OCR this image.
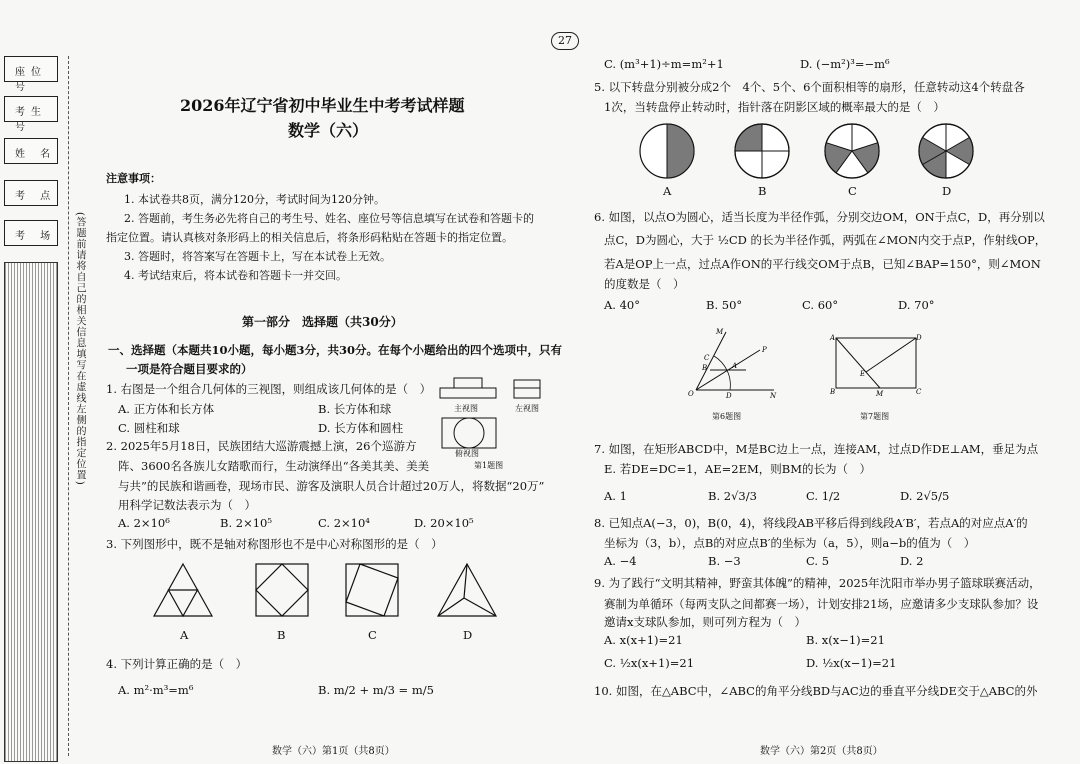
27
座位号
考生号
姓 名
考 点
考 场 (答题前请将自己的相关信息填写在虚线左侧的指定位置)
2026年辽宁省初中毕业生中考考试样题
数学（六）
注意事项：
1. 本试卷共8页，满分120分，考试时间为120分钟。
2. 答题前，考生务必先将自己的考生号、姓名、座位号等信息填写在试卷和答题卡的
指定位置。请认真核对条形码上的相关信息后，将条形码粘贴在答题卡的指定位置。
3. 答题时，将答案写在答题卡上，写在本试卷上无效。
4. 考试结束后，将本试卷和答题卡一并交回。
第一部分　选择题（共30分）
一、选择题（本题共10小题，每小题3分，共30分。在每个小题给出的四个选项中，只有
一项是符合题目要求的）
1. 右图是一个组合几何体的三视图，则组成该几何体的是（　）
A. 正方体和长方体	B. 长方体和球
C. 圆柱和球	D. 长方体和圆柱
主视图	左视图
俯视图
第1题图
2. 2025年5月18日，民族团结大巡游震撼上演，26个巡游方
阵、3600名各族儿女踏歌而行，生动演绎出“各美其美、美美
与共”的民族和谐画卷，现场市民、游客及演职人员合计超过20万人，将数据“20万”
用科学记数法表示为（　）
A. 2×10⁶	B. 2×10⁵	C. 2×10⁴	D. 20×10⁵
3. 下列图形中，既不是轴对称图形也不是中心对称图形的是（　）
A	B	C	D
4. 下列计算正确的是（　）
A. m²·m³=m⁶	B. m/2 + m/3 = m/5
数学（六）第1页（共8页）
C. (m³+1)÷m=m²+1	D. (−m²)³=−m⁶
5. 以下转盘分别被分成2个　4个、5个、6个面积相等的扇形，任意转动这4个转盘各
1次，当转盘停止转动时，指针落在阴影区域的概率最大的是（　）
A	B	C	D
6. 如图，以点O为圆心，适当长度为半径作弧，分别交边OM，ON于点C，D，再分别以
点C，D为圆心，大于 ½CD 的长为半径作弧，两弧在∠MON内交于点P，作射线OP，
若A是OP上一点，过点A作ON的平行线交OM于点B，已知∠BAP=150°，则∠MON
的度数是（　）
A. 40°	B. 50°	C. 60°	D. 70°
O
M
N
P
A
B
C
D
第6题图
A	D
B	C
M
E
第7题图
7. 如图，在矩形ABCD中，M是BC边上一点，连接AM，过点D作DE⊥AM，垂足为点
E. 若DE=DC=1，AE=2EM，则BM的长为（　）
A. 1	B. 2√3/3	C. 1/2	D. 2√5/5
8. 已知点A(−3，0)，B(0，4)，将线段AB平移后得到线段A′B′，若点A的对应点A′的
坐标为（3，b），点B的对应点B′的坐标为（a，5），则a−b的值为（　）
A. −4	B. −3	C. 5	D. 2
9. 为了践行“文明其精神，野蛮其体魄”的精神，2025年沈阳市举办男子篮球联赛活动，
赛制为单循环（每两支队之间都赛一场），计划安排21场，应邀请多少支球队参加？设
邀请x支球队参加，则可列方程为（　）
A. x(x+1)=21	B. x(x−1)=21
C. ½x(x+1)=21	D. ½x(x−1)=21
10. 如图，在△ABC中，∠ABC的角平分线BD与AC边的垂直平分线DE交于△ABC的外
数学（六）第2页（共8页）
